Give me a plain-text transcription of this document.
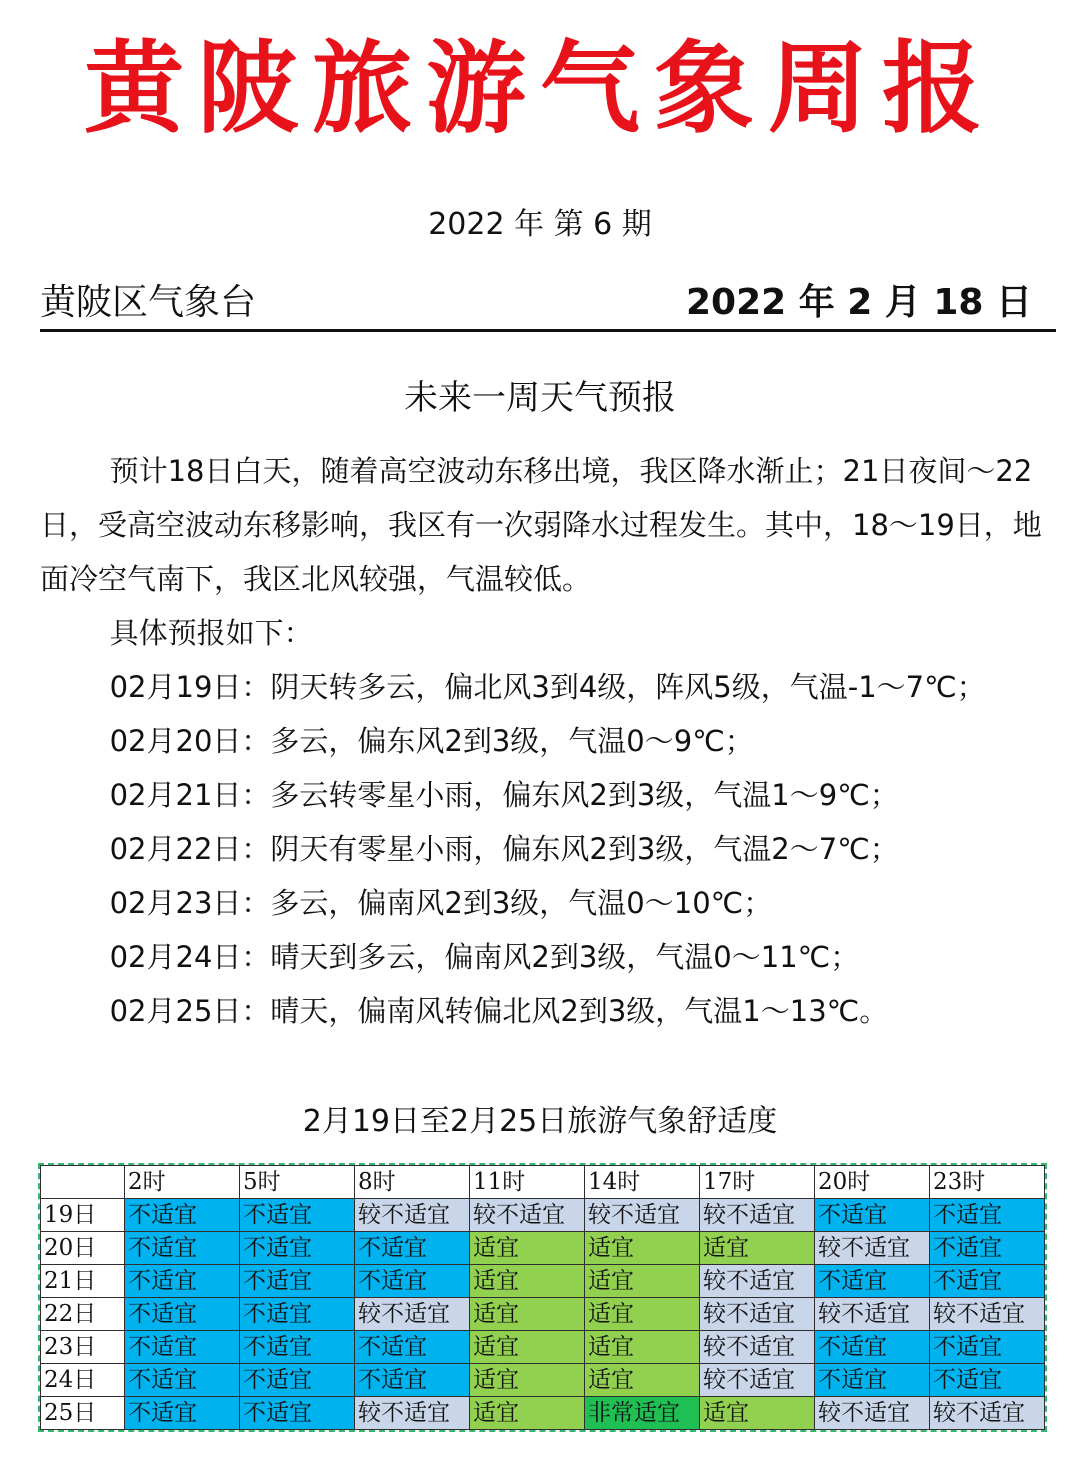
黄陂旅游气象周报
2022 年 第 6 期
黄陂区气象台	2022 年 2 月 18 日
未来一周天气预报

预计18日白天，随着高空波动东移出境，我区降水渐止；21日夜间～22日，受高空波动东移影响，我区有一次弱降水过程发生。其中，18～19日，地面冷空气南下，我区北风较强，气温较低。

具体预报如下：

02月19日：阴天转多云，偏北风3到4级，阵风5级，气温-1～7℃；

02月20日：多云，偏东风2到3级，气温0～9℃；

02月21日：多云转零星小雨，偏东风2到3级，气温1～9℃；

02月22日：阴天有零星小雨，偏东风2到3级，气温2～7℃；

02月23日：多云，偏南风2到3级，气温0～10℃；

02月24日：晴天到多云，偏南风2到3级，气温0～11℃；

02月25日：晴天，偏南风转偏北风2到3级，气温1～13℃。

2月19日至2月25日旅游气象舒适度
	2时	5时	8时	11时	14时	17时	20时	23时
19日	不适宜	不适宜	较不适宜	较不适宜	较不适宜	较不适宜	不适宜	不适宜
20日	不适宜	不适宜	不适宜	适宜	适宜	适宜	较不适宜	不适宜
21日	不适宜	不适宜	不适宜	适宜	适宜	较不适宜	不适宜	不适宜
22日	不适宜	不适宜	较不适宜	适宜	适宜	较不适宜	较不适宜	较不适宜
23日	不适宜	不适宜	不适宜	适宜	适宜	较不适宜	不适宜	不适宜
24日	不适宜	不适宜	不适宜	适宜	适宜	较不适宜	不适宜	不适宜
25日	不适宜	不适宜	较不适宜	适宜	非常适宜	适宜	较不适宜	较不适宜
